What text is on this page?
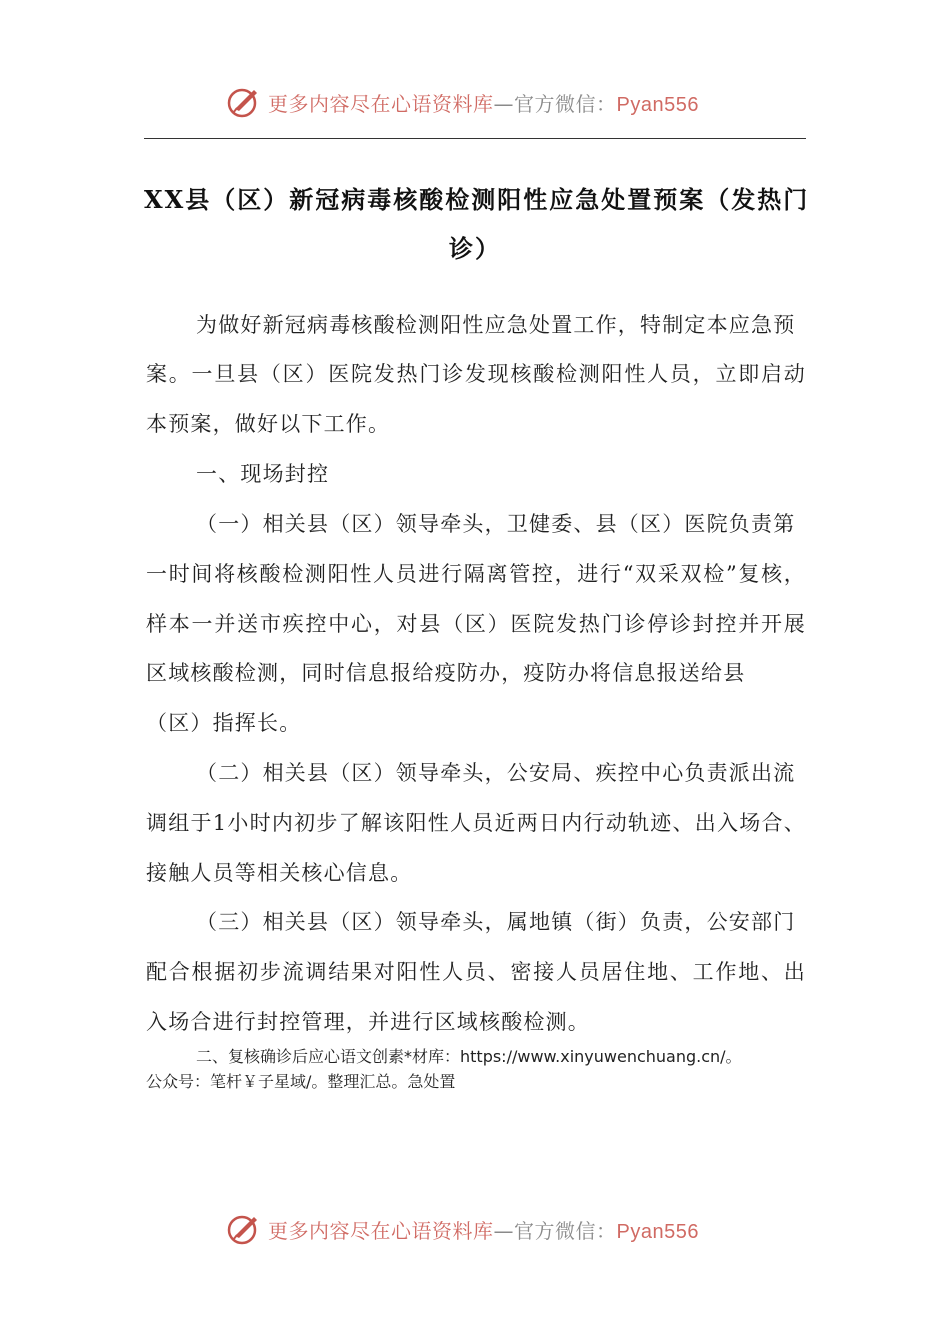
更多内容尽在心语资料库—官方微信：Pyan556
XX县（区）新冠病毒核酸检测阳性应急处置预案（发热门
诊）
为做好新冠病毒核酸检测阳性应急处置工作，特制定本应急预
案。一旦县（区）医院发热门诊发现核酸检测阳性人员，立即启动
本预案，做好以下工作。
一、现场封控
（一）相关县（区）领导牵头，卫健委、县（区）医院负责第
一时间将核酸检测阳性人员进行隔离管控，进行“双采双检”复核，
样本一并送市疾控中心，对县（区）医院发热门诊停诊封控并开展
区域核酸检测，同时信息报给疫防办，疫防办将信息报送给县
（区）指挥长。
（二）相关县（区）领导牵头，公安局、疾控中心负责派出流
调组于1小时内初步了解该阳性人员近两日内行动轨迹、出入场合、
接触人员等相关核心信息。
（三）相关县（区）领导牵头，属地镇（街）负责，公安部门
配合根据初步流调结果对阳性人员、密接人员居住地、工作地、出
入场合进行封控管理，并进行区域核酸检测。
二、复核确诊后应心语文创素*材库：https://www.xinyuwenchuang.cn/。
公众号：笔杆￥子星域/。整理汇总。急处置
更多内容尽在心语资料库—官方微信：Pyan556
